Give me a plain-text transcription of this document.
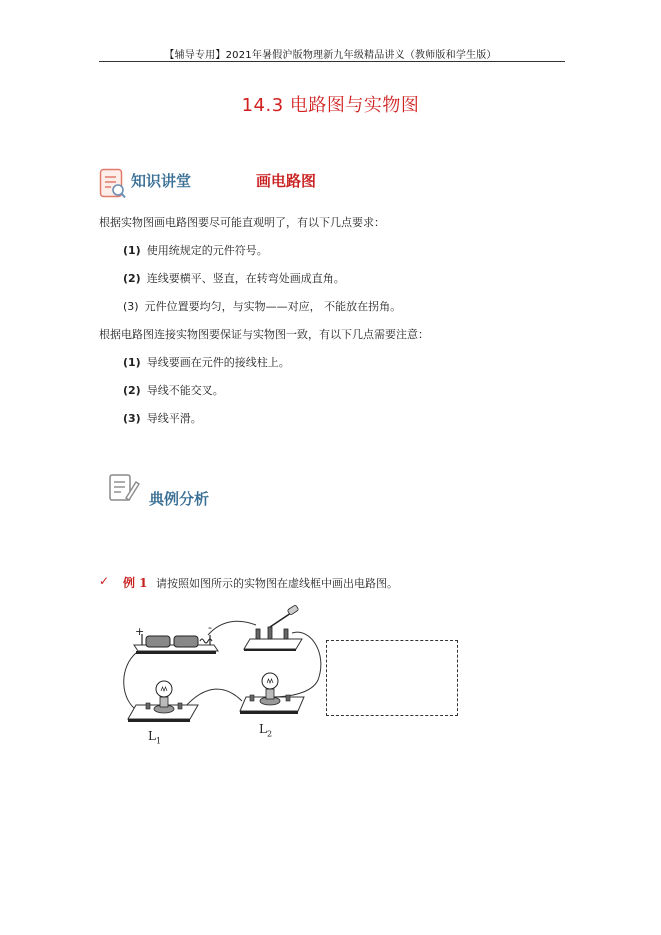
【辅导专用】2021年暑假沪版物理新九年级精品讲义（教师版和学生版）
14.3 电路图与实物图
知识讲堂	画电路图
根据实物图画电路图要尽可能直观明了，有以下几点要求：
(1) 使用统规定的元件符号。
(2) 连线要横平、竖直，在转弯处画成直角。
(3) 元件位置要均匀，与实物——对应， 不能放在拐角。
根据电路图连接实物图要保证与实物图一致，有以下几点需要注意：
(1) 导线要画在元件的接线柱上。
(2) 导线不能交叉。
(3) 导线平滑。
典例分析
✓ 例 1 请按照如图所示的实物图在虚线框中画出电路图。
+	-
$L_1$
$L_2$
